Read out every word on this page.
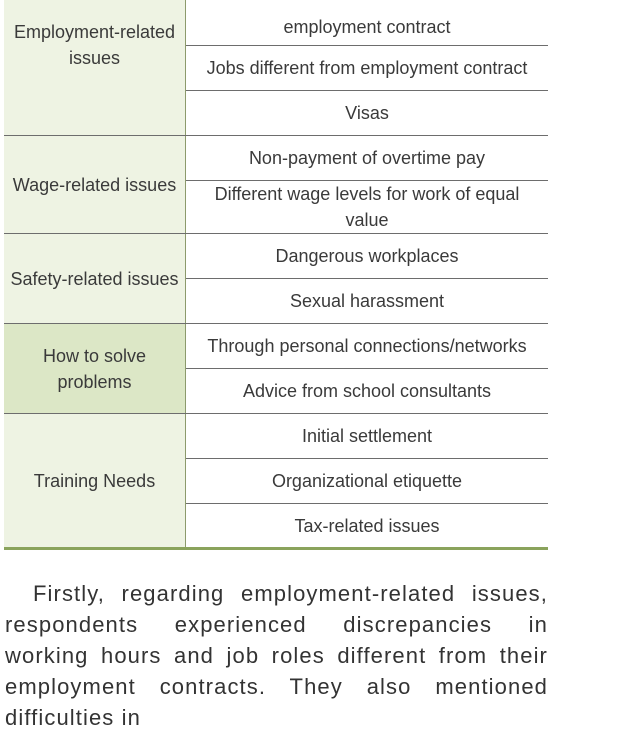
Employment-related issues	employment contract
	Jobs different from employment contract
	Visas
Wage-related issues	Non-payment of overtime pay
	Different wage levels for work of equal value
Safety-related issues	Dangerous workplaces
	Sexual harassment
How to solve problems	Through personal connections/networks
	Advice from school consultants
Training Needs	Initial settlement
	Organizational etiquette
	Tax-related issues

Firstly, regarding employment-related issues, respondents experienced discrepancies in working hours and job roles different from their employment contracts. They also mentioned difficulties in
